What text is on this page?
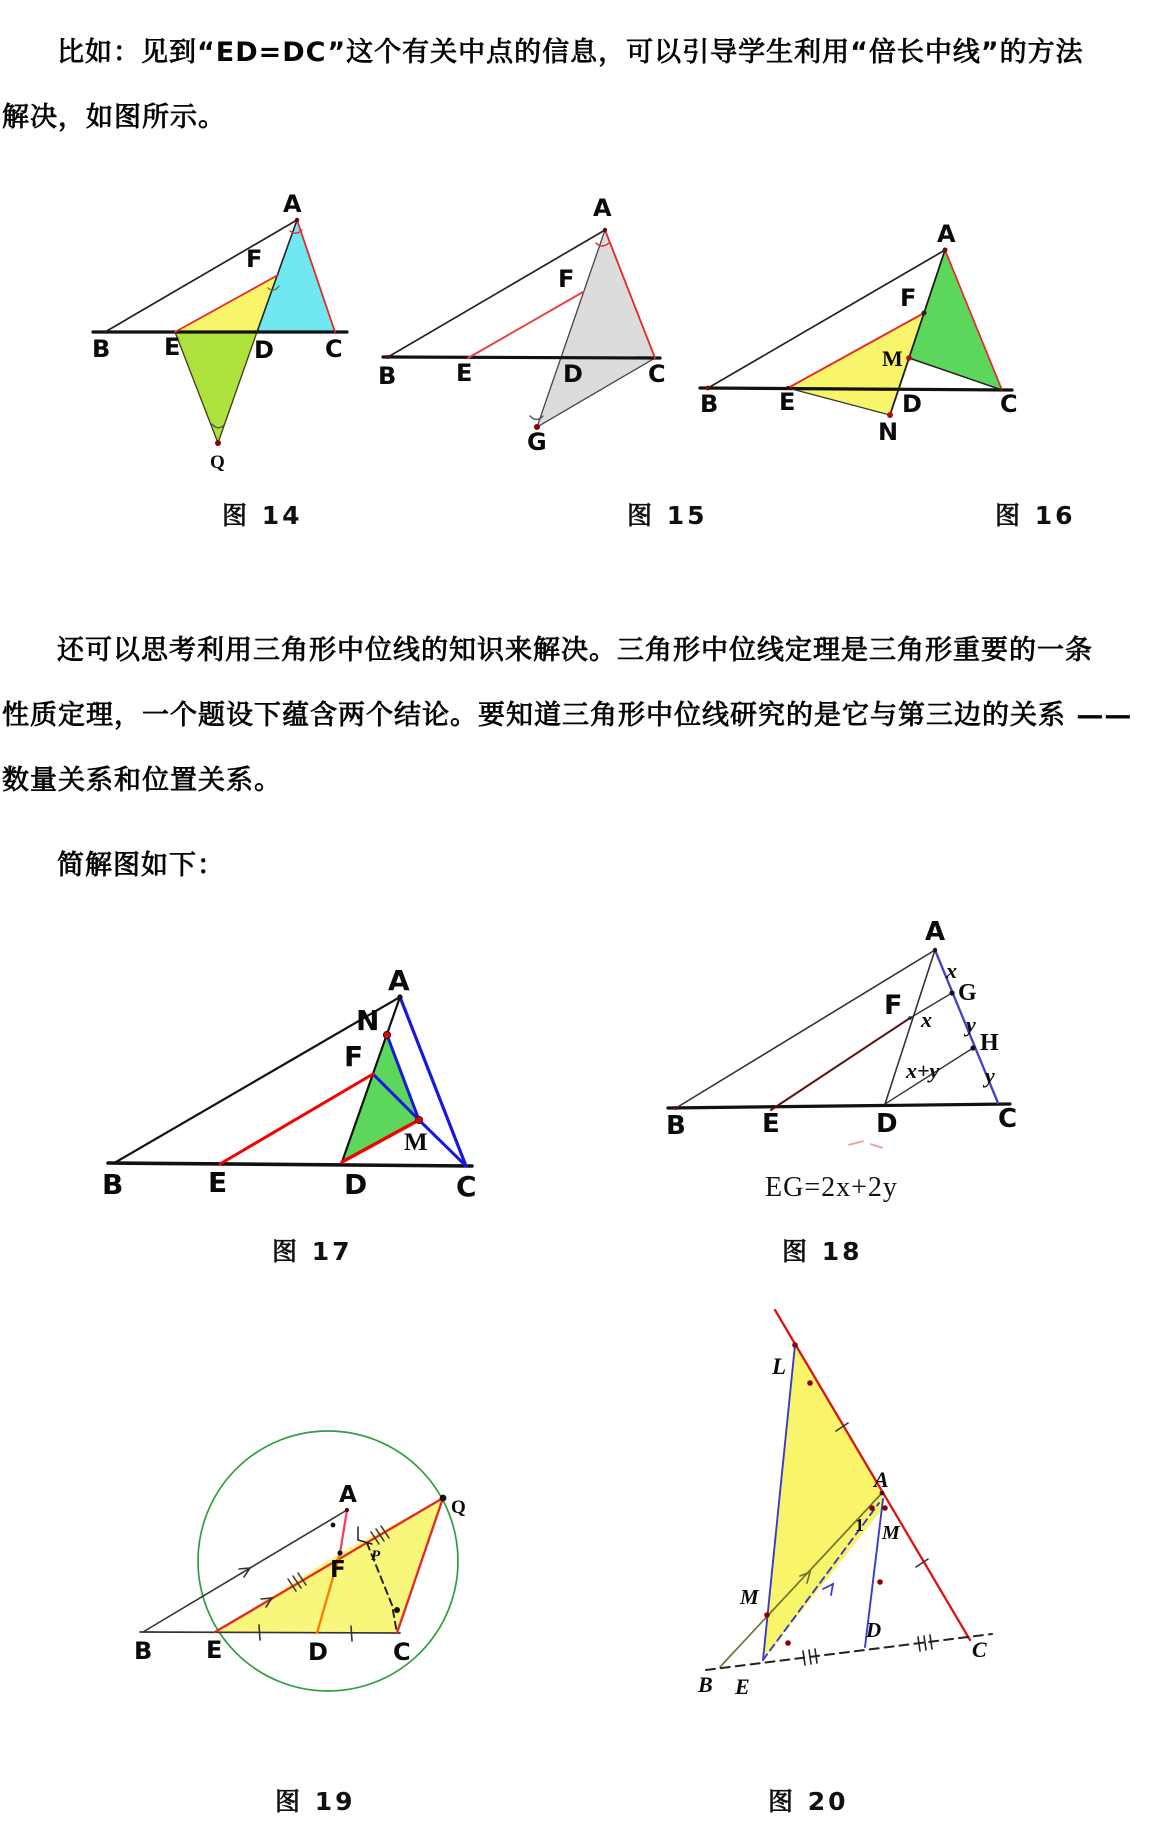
比如：见到“ED=DC”这个有关中点的信息，可以引导学生利用“倍长中线”的方法
解决，如图所示。
A
F
B E	D C
Q
A
F
B E	D	C
G
A
F
M
B	E	D	C
N
图 14	图 15	图 16
还可以思考利用三角形中位线的知识来解决。三角形中位线定理是三角形重要的一条
性质定理，一个题设下蕴含两个结论。要知道三角形中位线研究的是它与第三边的关系 ——
数量关系和位置关系。
简解图如下：
A
N
F
M
B	E	D	C
A
F
B	E	D	C
G
H
x
x y
x+y y
EG=2x+2y
图 17	图 18
A
F
Q
P
B E	D	C
L
A
1 M
M
B E
D
C
图 19	图 20
